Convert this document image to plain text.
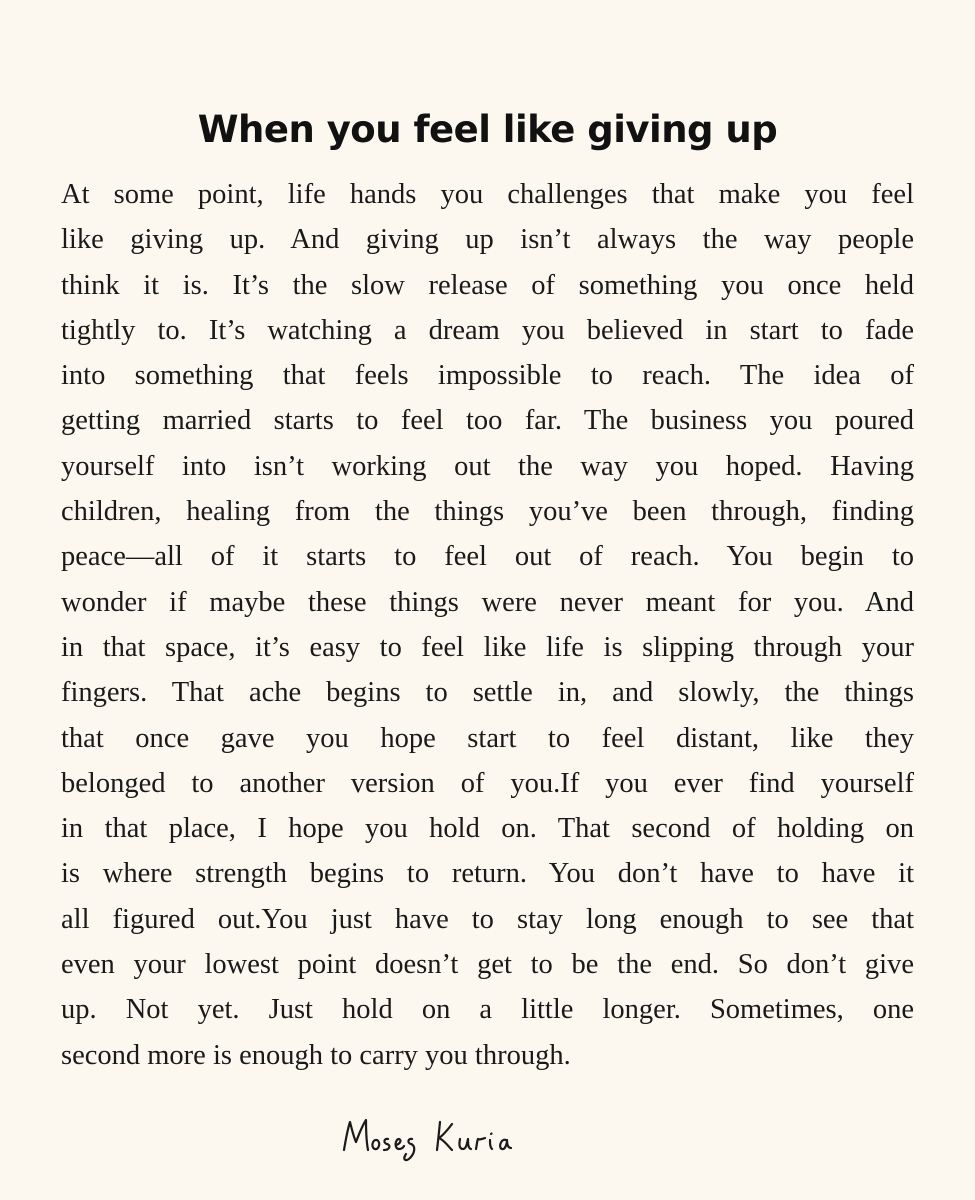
When you feel like giving up
At some point, life hands you challenges that make you feel
like giving up. And giving up isn’t always the way people
think it is. It’s the slow release of something you once held
tightly to. It’s watching a dream you believed in start to fade
into something that feels impossible to reach. The idea of
getting married starts to feel too far. The business you poured
yourself into isn’t working out the way you hoped. Having
children, healing from the things you’ve been through, finding
peace—all of it starts to feel out of reach. You begin to
wonder if maybe these things were never meant for you. And
in that space, it’s easy to feel like life is slipping through your
fingers. That ache begins to settle in, and slowly, the things
that once gave you hope start to feel distant, like they
belonged to another version of you.If you ever find yourself
in that place, I hope you hold on. That second of holding on
is where strength begins to return. You don’t have to have it
all figured out.You just have to stay long enough to see that
even your lowest point doesn’t get to be the end. So don’t give
up. Not yet. Just hold on a little longer. Sometimes, one
second more is enough to carry you through.
